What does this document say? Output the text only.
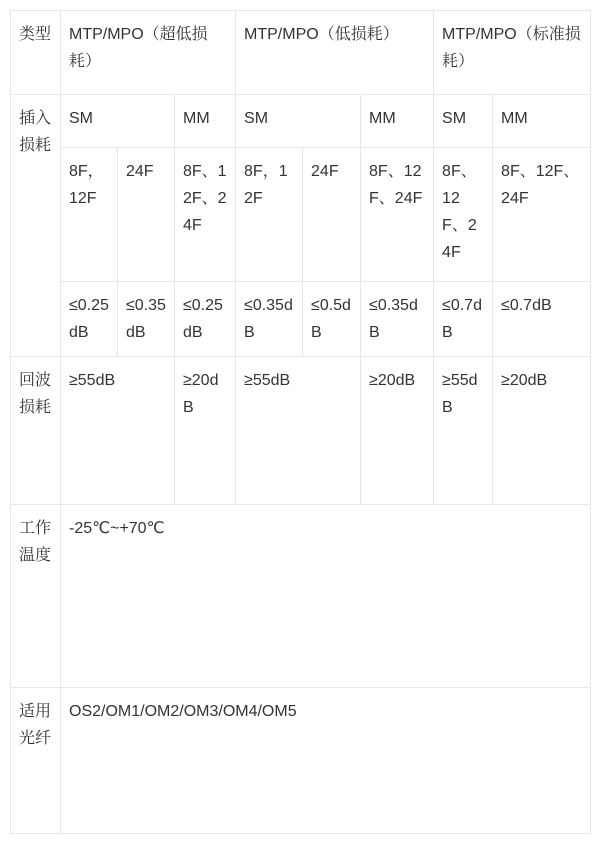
类型	MTP/MPO（超低损耗）			MTP/MPO（低损耗）			MTP/MPO（标准损耗）	
插入损耗	SM		MM	SM		MM	SM	MM
	8F，12F	24F	8F、12F、24F	8F，12F	24F	8F、12F、24F	8F、12F、24F	8F、12F、24F
	≤0.25dB	≤0.35dB	≤0.25dB	≤0.35dB	≤0.5dB	≤0.35dB	≤0.7dB	≤0.7dB
回波损耗	≥55dB		≥20dB	≥55dB		≥20dB	≥55dB	≥20dB
工作温度	-25℃~+70℃							
适用光纤	OS2/OM1/OM2/OM3/OM4/OM5							
